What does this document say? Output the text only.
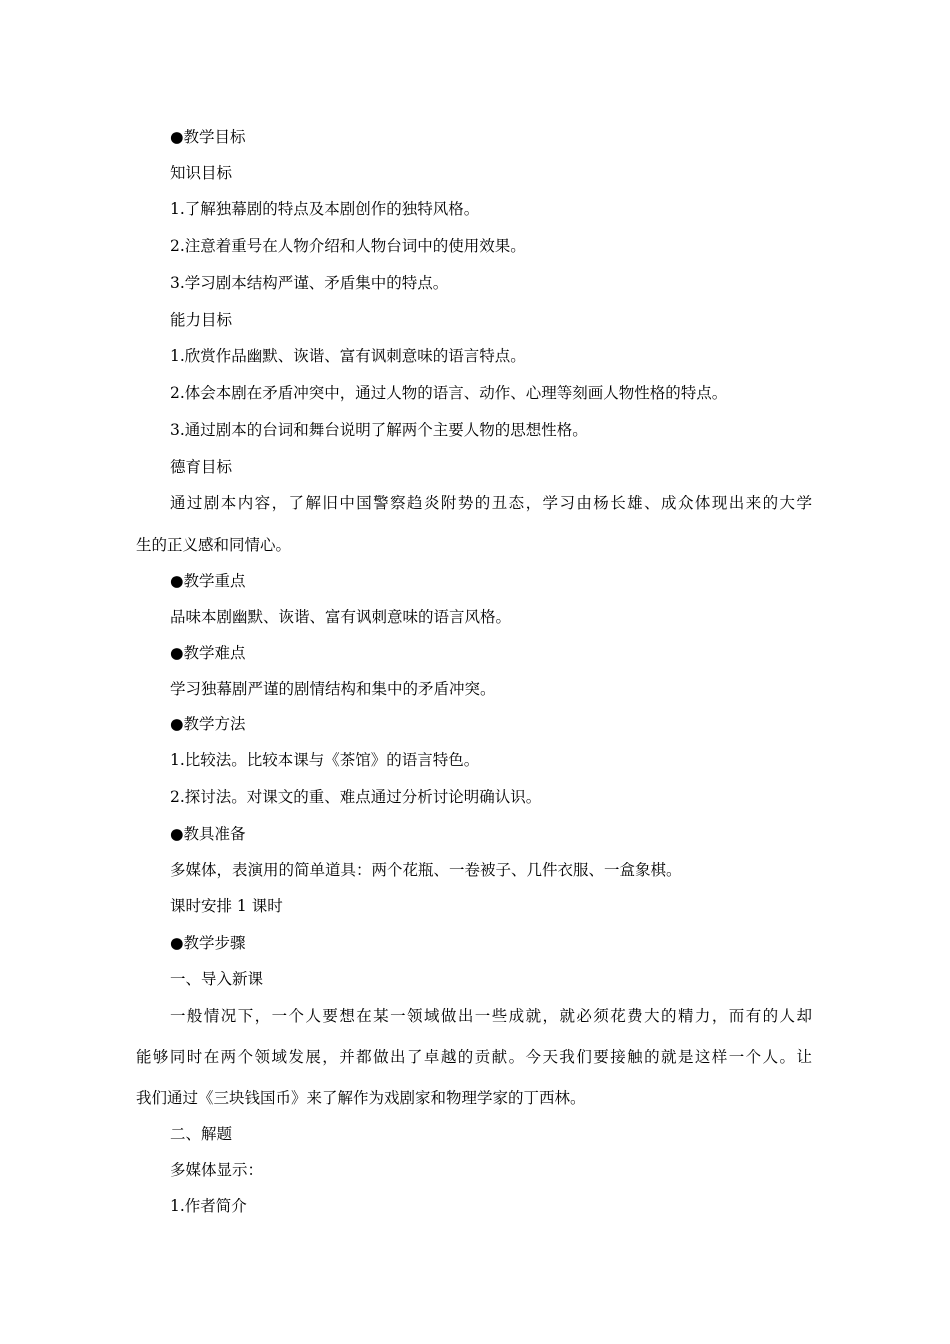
●教学目标
知识目标
1.了解独幕剧的特点及本剧创作的独特风格。
2.注意着重号在人物介绍和人物台词中的使用效果。
3.学习剧本结构严谨、矛盾集中的特点。
能力目标
1.欣赏作品幽默、诙谐、富有讽刺意味的语言特点。
2.体会本剧在矛盾冲突中，通过人物的语言、动作、心理等刻画人物性格的特点。
3.通过剧本的台词和舞台说明了解两个主要人物的思想性格。
德育目标
通过剧本内容，了解旧中国警察趋炎附势的丑态，学习由杨长雄、成众体现出来的大学
生的正义感和同情心。
●教学重点
品味本剧幽默、诙谐、富有讽刺意味的语言风格。
●教学难点
学习独幕剧严谨的剧情结构和集中的矛盾冲突。
●教学方法
1.比较法。比较本课与《茶馆》的语言特色。
2.探讨法。对课文的重、难点通过分析讨论明确认识。
●教具准备
多媒体，表演用的简单道具：两个花瓶、一卷被子、几件衣服、一盒象棋。
课时安排 1 课时
●教学步骤
一、导入新课
一般情况下，一个人要想在某一领域做出一些成就，就必须花费大的精力，而有的人却
能够同时在两个领域发展，并都做出了卓越的贡献。今天我们要接触的就是这样一个人。让
我们通过《三块钱国币》来了解作为戏剧家和物理学家的丁西林。
二、解题
多媒体显示：
1.作者简介
